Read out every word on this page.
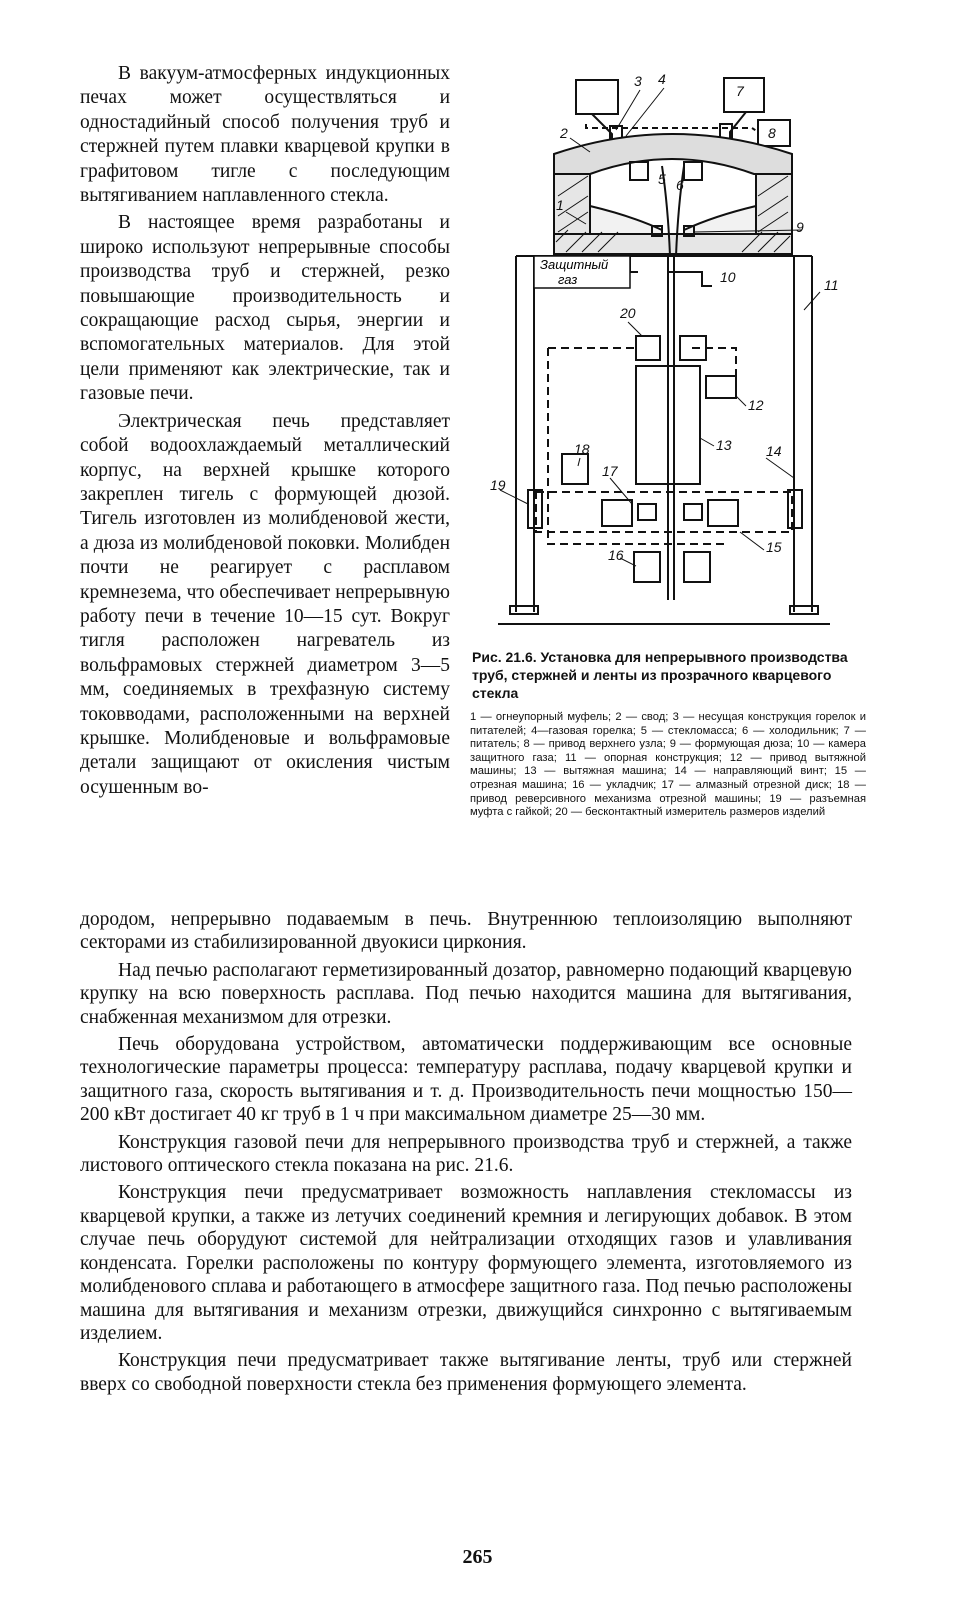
В вакуум-атмосферных индукционных печах может осуществляться и одностадийный способ получения труб и стержней путем плавки кварцевой крупки в графитовом тигле с последующим вытягиванием наплавленного стекла.

В настоящее время разработаны и широко используют непрерывные способы производства труб и стержней, резко повышающие производительность и сокращающие расход сырья, энергии и вспомогательных материалов. Для этой цели применяют как электрические, так и газовые печи.

Электрическая печь представляет собой водоохлаждаемый металлический корпус, на верхней крышке которого закреплен тигель с формующей дюзой. Тигель изготовлен из молибденовой жести, а дюза из молибденовой поковки. Молибден почти не реагирует с расплавом кремнезема, что обеспечивает непрерывную работу печи в течение 10—15 сут. Вокруг тигля расположен нагреватель из вольфрамовых стержней диаметром 3—5 мм, соединяемых в трехфазную систему токовводами, расположенными на верхней крышке. Молибденовые и вольфрамовые детали защищают от окисления чистым осушенным во-

Защитный
газ
1
2
3 4
5 6
7
8
9
10	11
12
13 14
15
16
17
18
19
20
Рис. 21.6. Установка для непрерывного производства труб, стержней и ленты из прозрачного кварцевого стекла
1 — огнеупорный муфель; 2 — свод; 3 — несущая конструкция горелок и питателей; 4—газовая горелка; 5 — стекломасса; 6 — холодильник; 7 — питатель; 8 — привод верхнего узла; 9 — формующая дюза; 10 — камера защитного газа; 11 — опорная конструкция; 12 — привод вытяжной машины; 13 — вытяжная машина; 14 — направляющий винт; 15 — отрезная машина; 16 — укладчик; 17 — алмазный отрезной диск; 18 — привод реверсивного механизма отрезной машины; 19 — разъемная муфта с гайкой; 20 — бесконтактный измеритель размеров изделий

дородом, непрерывно подаваемым в печь. Внутреннюю теплоизоляцию выполняют секторами из стабилизированной двуокиси циркония.

Над печью располагают герметизированный дозатор, равномерно подающий кварцевую крупку на всю поверхность расплава. Под печью находится машина для вытягивания, снабженная механизмом для отрезки.

Печь оборудована устройством, автоматически поддерживающим все основные технологические параметры процесса: температуру расплава, подачу кварцевой крупки и защитного газа, скорость вытягивания и т. д. Производительность печи мощностью 150—200 кВт достигает 40 кг труб в 1 ч при максимальном диаметре 25—30 мм.

Конструкция газовой печи для непрерывного производства труб и стержней, а также листового оптического стекла показана на рис. 21.6.

Конструкция печи предусматривает возможность наплавления стекломассы из кварцевой крупки, а также из летучих соединений кремния и легирующих добавок. В этом случае печь оборудуют системой для нейтрализации отходящих газов и улавливания конденсата. Горелки расположены по контуру формующего элемента, изготовляемого из молибденового сплава и работающего в атмосфере защитного газа. Под печью расположены машина для вытягивания и механизм отрезки, движущийся синхронно с вытягиваемым изделием.

Конструкция печи предусматривает также вытягивание ленты, труб или стержней вверх со свободной поверхности стекла без применения формующего элемента.

265
